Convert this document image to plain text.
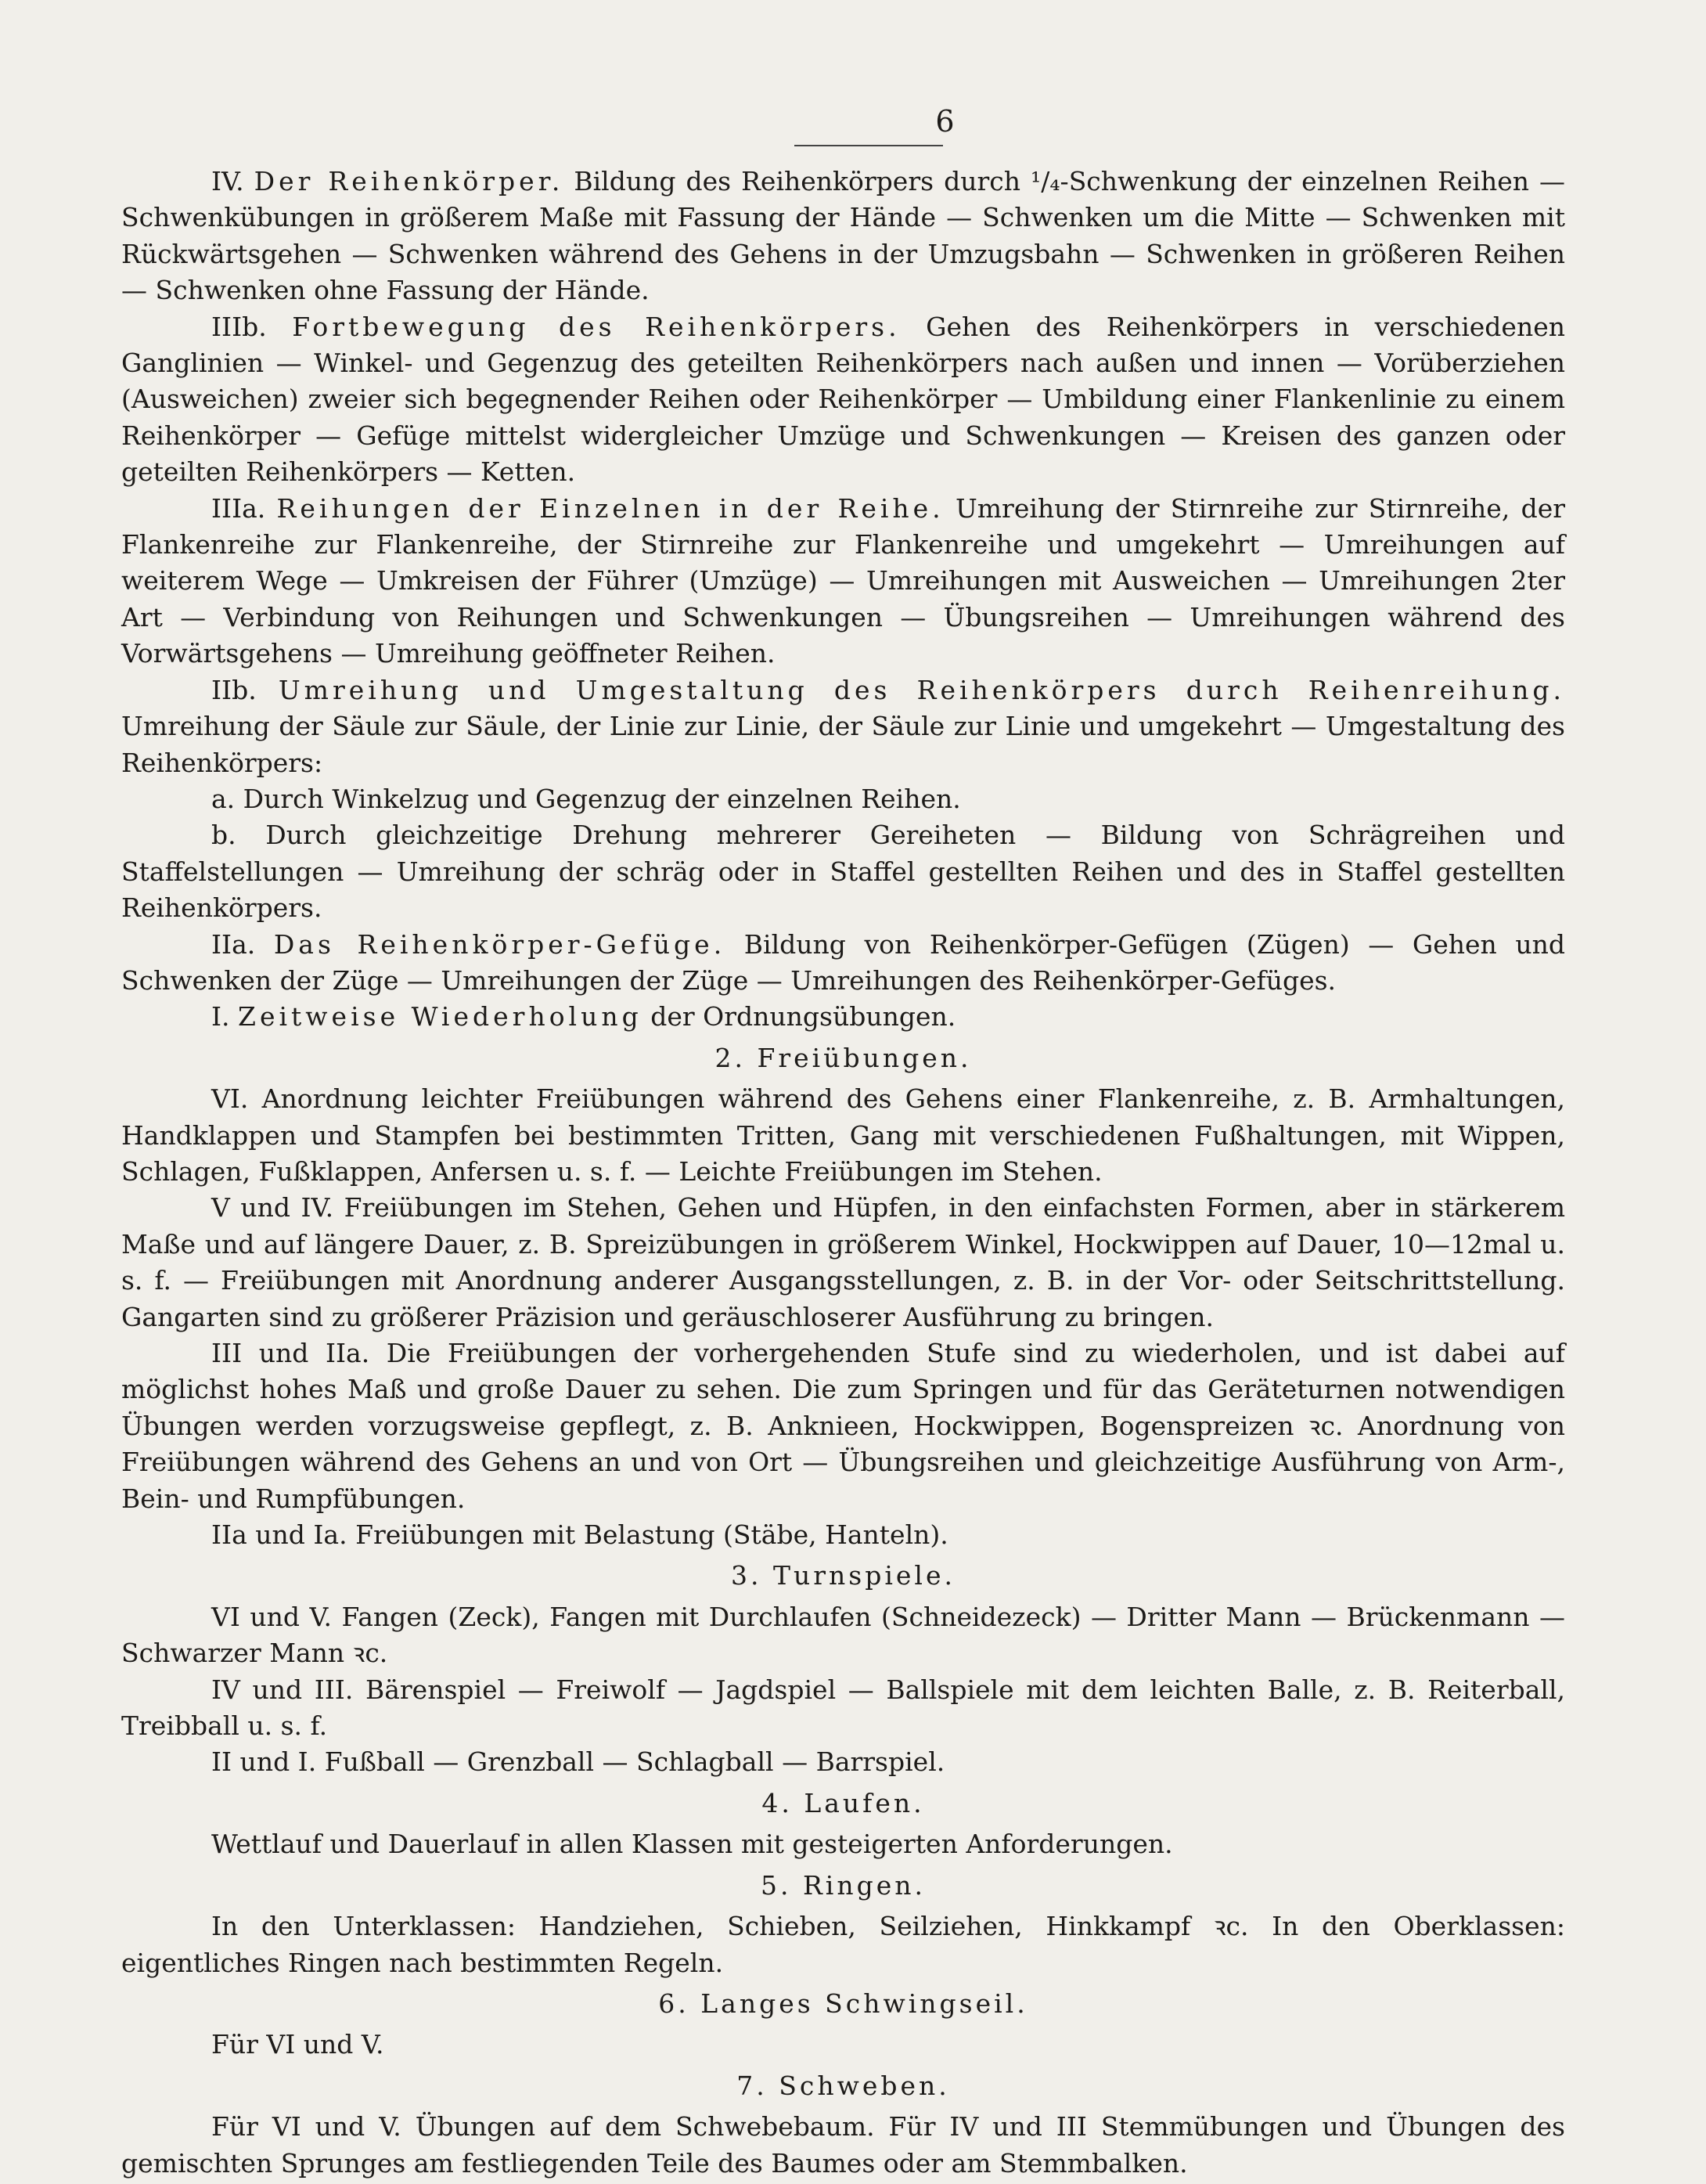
6

IV. Der Reihenkörper. Bildung des Reihenkörpers durch ¹/₄-Schwenkung der einzelnen Reihen — Schwenkübungen in größerem Maße mit Fassung der Hände — Schwenken um die Mitte — Schwenken mit Rückwärtsgehen — Schwenken während des Gehens in der Umzugsbahn — Schwenken in größeren Reihen — Schwenken ohne Fassung der Hände.

IIIb. Fortbewegung des Reihenkörpers. Gehen des Reihenkörpers in verschiedenen Ganglinien — Winkel- und Gegenzug des geteilten Reihenkörpers nach außen und innen — Vorüberziehen (Ausweichen) zweier sich begegnender Reihen oder Reihenkörper — Umbildung einer Flankenlinie zu einem Reihenkörper — Gefüge mittelst widergleicher Umzüge und Schwenkungen — Kreisen des ganzen oder geteilten Reihenkörpers — Ketten.

IIIa. Reihungen der Einzelnen in der Reihe. Umreihung der Stirnreihe zur Stirnreihe, der Flankenreihe zur Flankenreihe, der Stirnreihe zur Flankenreihe und umgekehrt — Umreihungen auf weiterem Wege — Umkreisen der Führer (Umzüge) — Umreihungen mit Ausweichen — Umreihungen 2ter Art — Verbindung von Reihungen und Schwenkungen — Übungsreihen — Umreihungen während des Vorwärtsgehens — Umreihung geöffneter Reihen.

IIb. Umreihung und Umgestaltung des Reihenkörpers durch Reihenreihung. Umreihung der Säule zur Säule, der Linie zur Linie, der Säule zur Linie und umgekehrt — Umgestaltung des Reihenkörpers:

a. Durch Winkelzug und Gegenzug der einzelnen Reihen.

b. Durch gleichzeitige Drehung mehrerer Gereiheten — Bildung von Schrägreihen und Staffelstellungen — Umreihung der schräg oder in Staffel gestellten Reihen und des in Staffel gestellten Reihenkörpers.

IIa. Das Reihenkörper-Gefüge. Bildung von Reihenkörper-Gefügen (Zügen) — Gehen und Schwenken der Züge — Umreihungen der Züge — Umreihungen des Reihenkörper-Gefüges.

I. Zeitweise Wiederholung der Ordnungsübungen.

2. Freiübungen.

VI. Anordnung leichter Freiübungen während des Gehens einer Flankenreihe, z. B. Armhaltungen, Handklappen und Stampfen bei bestimmten Tritten, Gang mit verschiedenen Fußhaltungen, mit Wippen, Schlagen, Fußklappen, Anfersen u. s. f. — Leichte Freiübungen im Stehen.

V und IV. Freiübungen im Stehen, Gehen und Hüpfen, in den einfachsten Formen, aber in stärkerem Maße und auf längere Dauer, z. B. Spreizübungen in größerem Winkel, Hockwippen auf Dauer, 10—12mal u. s. f. — Freiübungen mit Anordnung anderer Ausgangsstellungen, z. B. in der Vor- oder Seitschrittstellung. Gangarten sind zu größerer Präzision und geräuschloserer Ausführung zu bringen.

III und IIa. Die Freiübungen der vorhergehenden Stufe sind zu wiederholen, und ist dabei auf möglichst hohes Maß und große Dauer zu sehen. Die zum Springen und für das Geräteturnen notwendigen Übungen werden vorzugsweise gepflegt, z. B. Anknieen, Hockwippen, Bogenspreizen ꝛc. Anordnung von Freiübungen während des Gehens an und von Ort — Übungsreihen und gleichzeitige Ausführung von Arm-, Bein- und Rumpfübungen.

IIa und Ia. Freiübungen mit Belastung (Stäbe, Hanteln).

3. Turnspiele.

VI und V. Fangen (Zeck), Fangen mit Durchlaufen (Schneidezeck) — Dritter Mann — Brückenmann — Schwarzer Mann ꝛc.

IV und III. Bärenspiel — Freiwolf — Jagdspiel — Ballspiele mit dem leichten Balle, z. B. Reiterball, Treibball u. s. f.

II und I. Fußball — Grenzball — Schlagball — Barrspiel.

4. Laufen.

Wettlauf und Dauerlauf in allen Klassen mit gesteigerten Anforderungen.

5. Ringen.

In den Unterklassen: Handziehen, Schieben, Seilziehen, Hinkkampf ꝛc. In den Oberklassen: eigentliches Ringen nach bestimmten Regeln.

6. Langes Schwingseil.

Für VI und V.

7. Schweben.

Für VI und V. Übungen auf dem Schwebebaum. Für IV und III Stemmübungen und Übungen des gemischten Sprunges am festliegenden Teile des Baumes oder am Stemmbalken.
